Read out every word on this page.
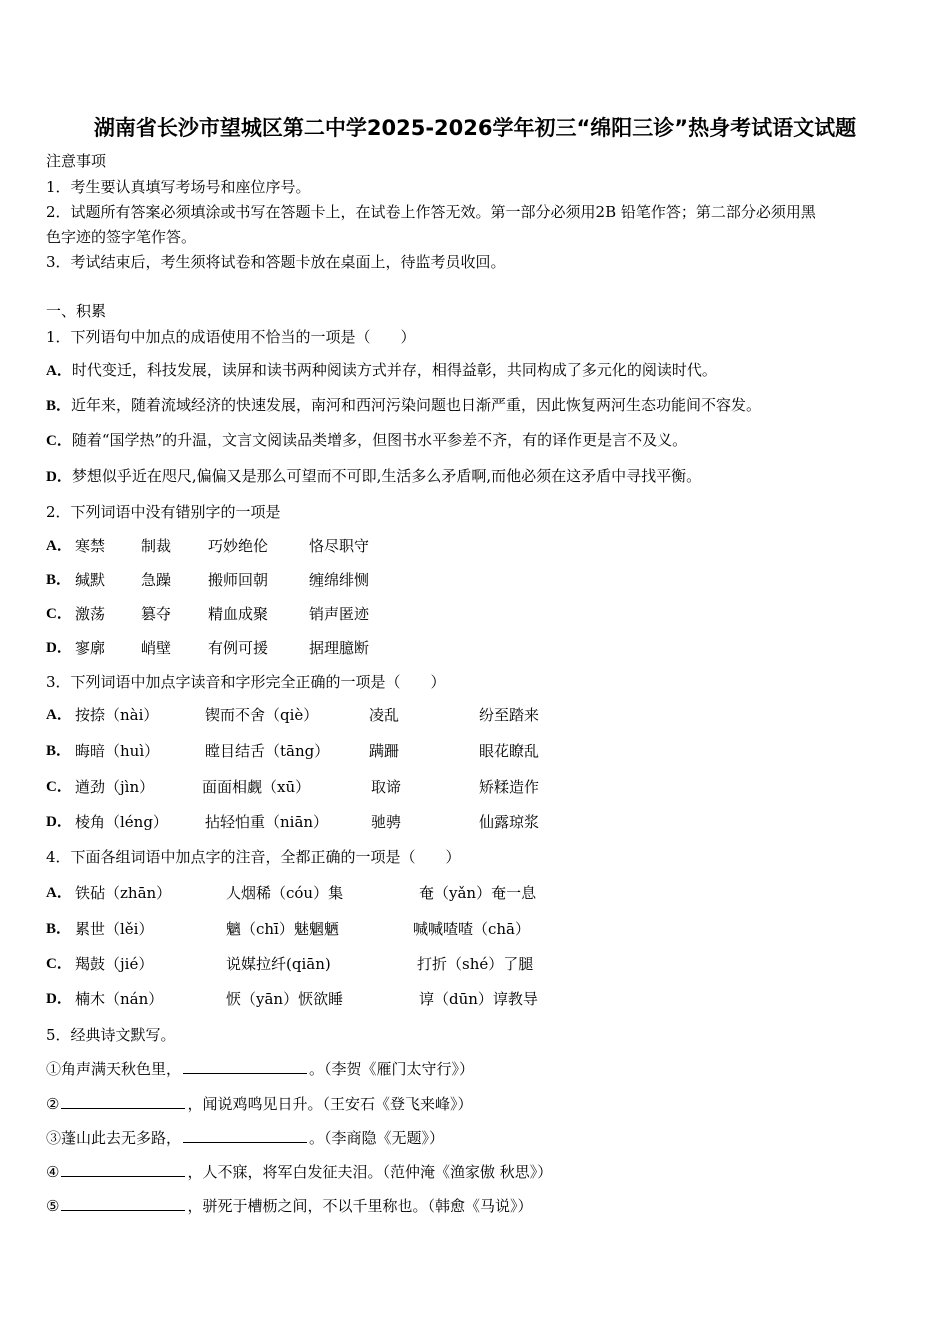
湖南省长沙市望城区第二中学2025-2026学年初三“绵阳三诊”热身考试语文试题
注意事项
1．考生要认真填写考场号和座位序号。
2．试题所有答案必须填涂或书写在答题卡上，在试卷上作答无效。第一部分必须用2B 铅笔作答；第二部分必须用黑
色字迹的签字笔作答。
3．考试结束后，考生须将试卷和答题卡放在桌面上，待监考员收回。
一、积累
1．下列语句中加点的成语使用不恰当的一项是（　　）
A．时代变迁，科技发展，读屏和读书两种阅读方式并存，相得益彰，共同构成了多元化的阅读时代。
B．近年来，随着流域经济的快速发展，南河和西河污染问题也日渐严重，因此恢复两河生态功能间不容发。
C．随着“国学热”的升温，文言文阅读品类增多，但图书水平参差不齐，有的译作更是言不及义。
D．梦想似乎近在咫尺,偏偏又是那么可望而不可即,生活多么矛盾啊,而他必须在这矛盾中寻找平衡。
2．下列词语中没有错别字的一项是
A． 寒禁 制裁 巧妙绝伦	恪尽职守
B． 缄默 急躁 搬师回朝	缠绵绯恻
C． 激荡 篡夺 精血成聚	销声匿迹
D． 寥廓 峭壁 有例可援	据理臆断
3．下列词语中加点字读音和字形完全正确的一项是（　　）
A． 按捺（nài）	锲而不舍（qiè）	凌乱	纷至踏来
B． 晦暗（huì）	瞠目结舌（tāng）	蹒跚	眼花瞭乱
C． 遒劲（jìn）	面面相觑（xū）	取谛	矫糅造作
D． 棱角（léng） 拈轻怕重（niān）	驰骋	仙露琼浆
4．下面各组词语中加点字的注音，全都正确的一项是（　　）
A． 铁砧（zhān）	人烟稀（cóu）集	奄（yǎn）奄一息
B． 累世（lěi）	魑（chī）魅魍魉	喊喊喳喳（chā）
C． 羯鼓（jié）	说媒拉纤(qiān)	打折（shé）了腿
D． 楠木（nán）	恹（yān）恹欲睡	谆（dūn）谆教导
5．经典诗文默写。
①角声满天秋色里，	。（李贺《雁门太守行》）
②	，闻说鸡鸣见日升。（王安石《登飞来峰》）
③蓬山此去无多路，	。（李商隐《无题》）
④	，人不寐，将军白发征夫泪。（范仲淹《渔家傲 秋思》）
⑤	，骈死于槽枥之间，不以千里称也。（韩愈《马说》）
